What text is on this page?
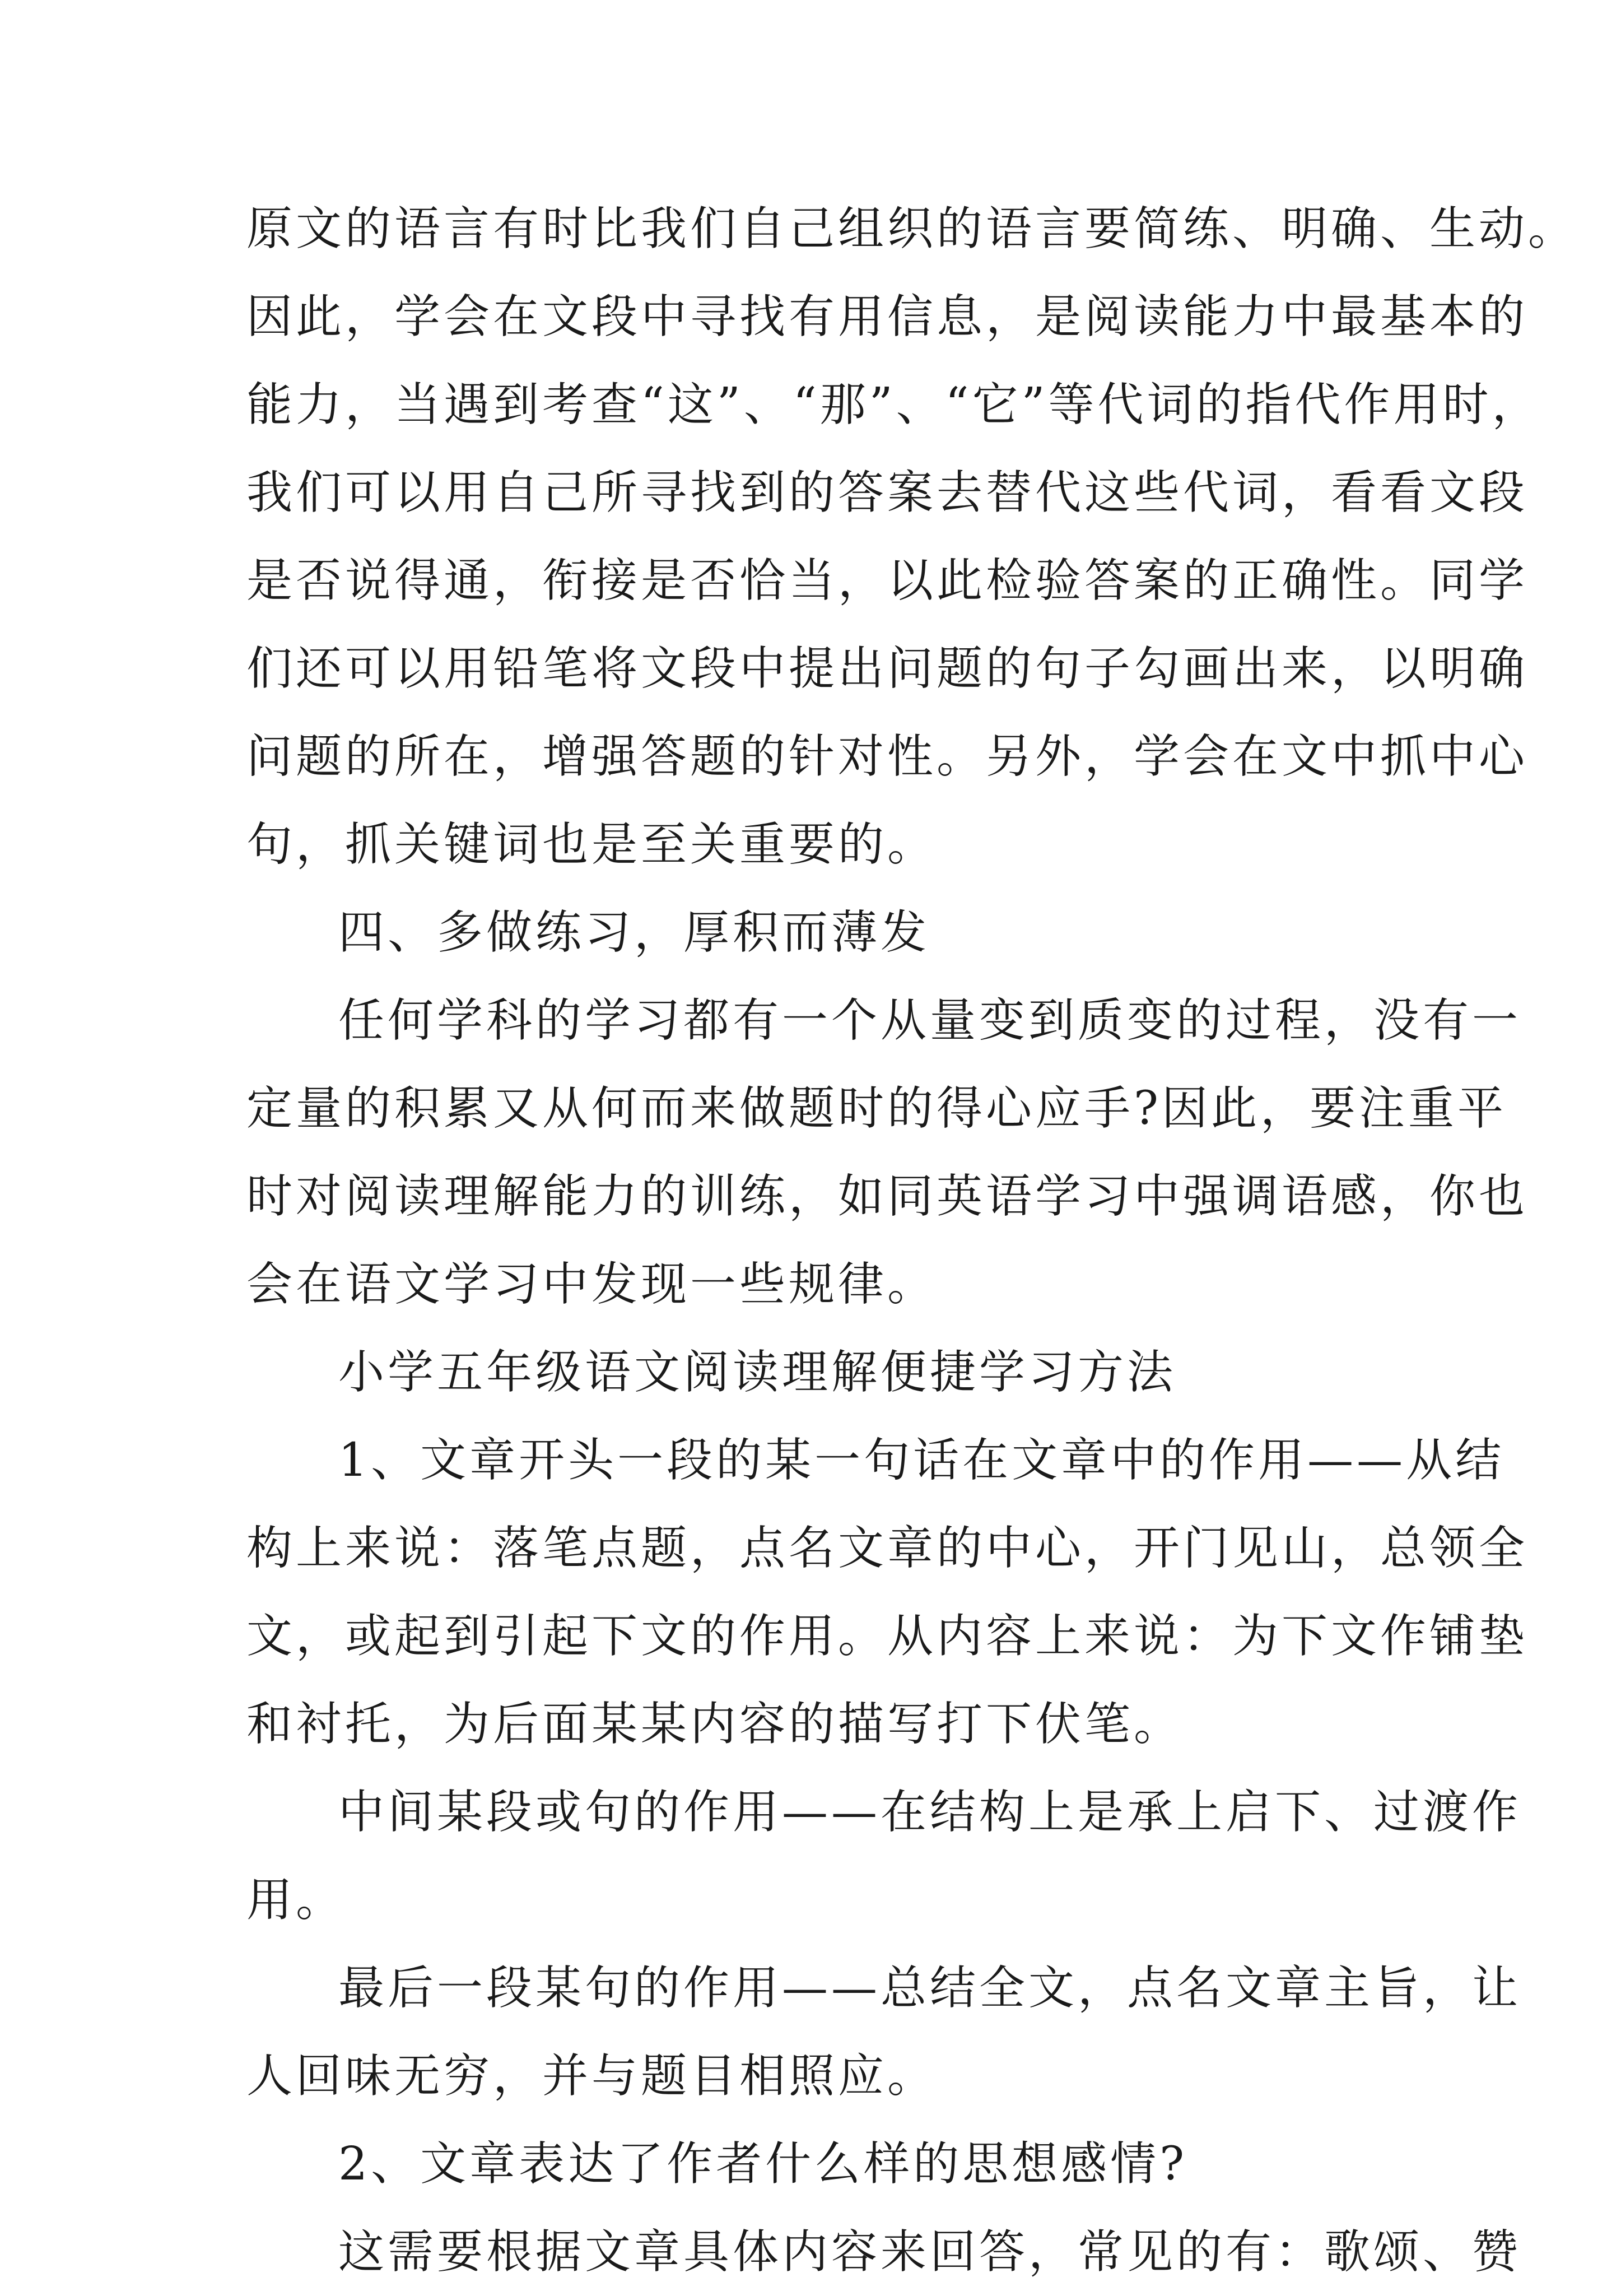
原文的语言有时比我们自己组织的语言要简练、明确、生动。

因此，学会在文段中寻找有用信息，是阅读能力中最基本的

能力，当遇到考查“这”、“那”、“它”等代词的指代作用时，

我们可以用自己所寻找到的答案去替代这些代词，看看文段

是否说得通，衔接是否恰当，以此检验答案的正确性。同学

们还可以用铅笔将文段中提出问题的句子勾画出来，以明确

问题的所在，增强答题的针对性。另外，学会在文中抓中心

句，抓关键词也是至关重要的。

四、多做练习，厚积而薄发

任何学科的学习都有一个从量变到质变的过程，没有一

定量的积累又从何而来做题时的得心应手?因此，要注重平

时对阅读理解能力的训练，如同英语学习中强调语感，你也

会在语文学习中发现一些规律。

小学五年级语文阅读理解便捷学习方法

1、文章开头一段的某一句话在文章中的作用——从结

构上来说：落笔点题，点名文章的中心，开门见山，总领全

文，或起到引起下文的作用。从内容上来说：为下文作铺垫

和衬托，为后面某某内容的描写打下伏笔。

中间某段或句的作用——在结构上是承上启下、过渡作

用。

最后一段某句的作用——总结全文，点名文章主旨，让

人回味无穷，并与题目相照应。

2、文章表达了作者什么样的思想感情?

这需要根据文章具体内容来回答，常见的有：歌颂、赞
